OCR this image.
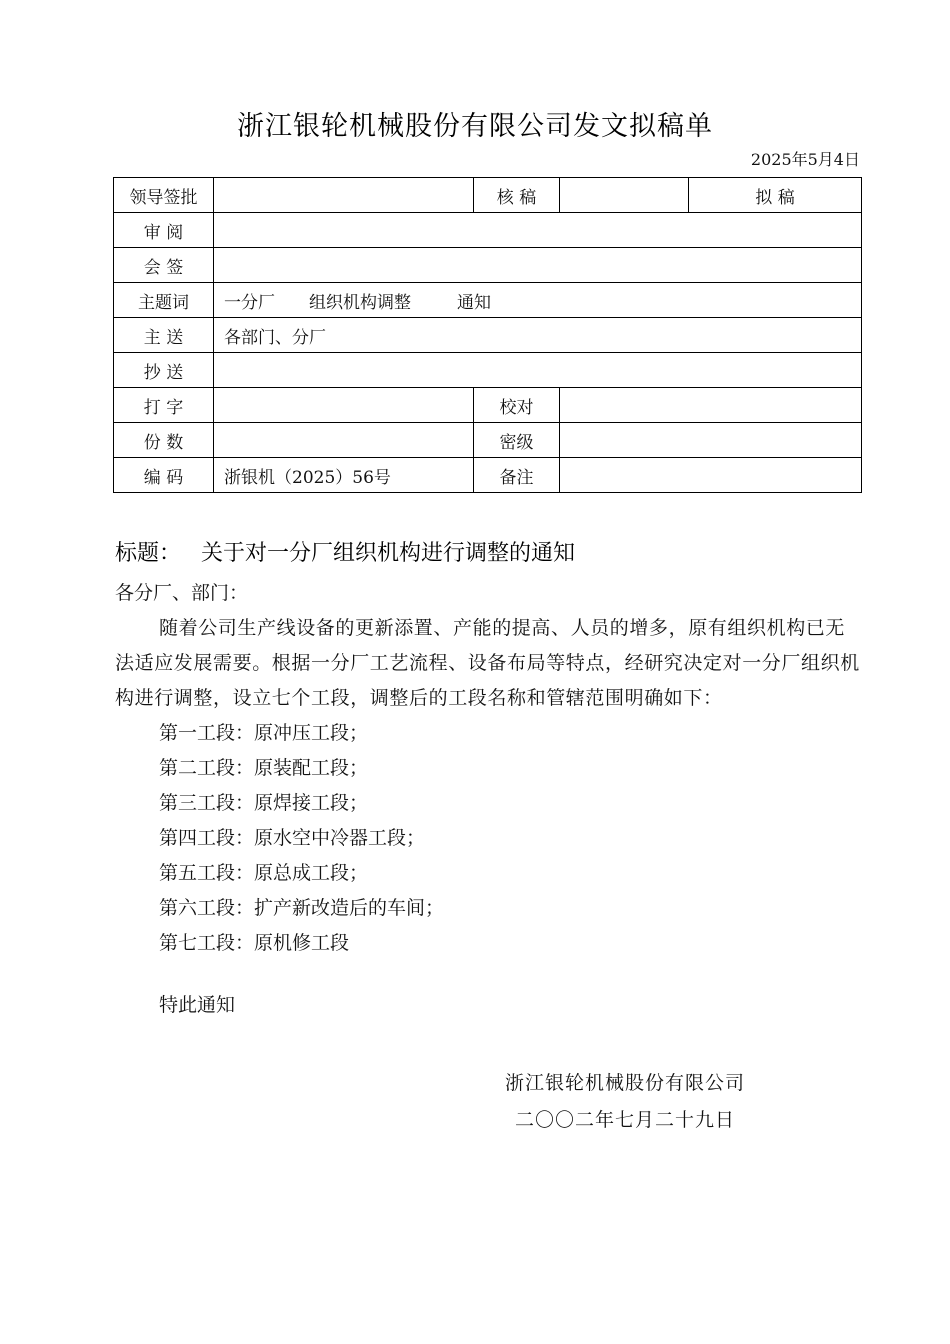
浙江银轮机械股份有限公司发文拟稿单
2025年5月4日
领导签批		核 稿		拟 稿
审 阅				
会 签				
主题词	一分厂 组织机构调整 通知			
主 送	各部门、分厂			
抄 送				
打 字		校对		
份 数		密级		
编 码	浙银机（2025）56号	备注		
标题： 关于对一分厂组织机构进行调整的通知

各分厂、部门：

随着公司生产线设备的更新添置、产能的提高、人员的增多，原有组织机构已无法适应发展需要。根据一分厂工艺流程、设备布局等特点，经研究决定对一分厂组织机构进行调整，设立七个工段，调整后的工段名称和管辖范围明确如下：

第一工段：原冲压工段；

第二工段：原装配工段；

第三工段：原焊接工段；

第四工段：原水空中冷器工段；

第五工段：原总成工段；

第六工段：扩产新改造后的车间；

第七工段：原机修工段

特此通知

浙江银轮机械股份有限公司
二〇〇二年七月二十九日
